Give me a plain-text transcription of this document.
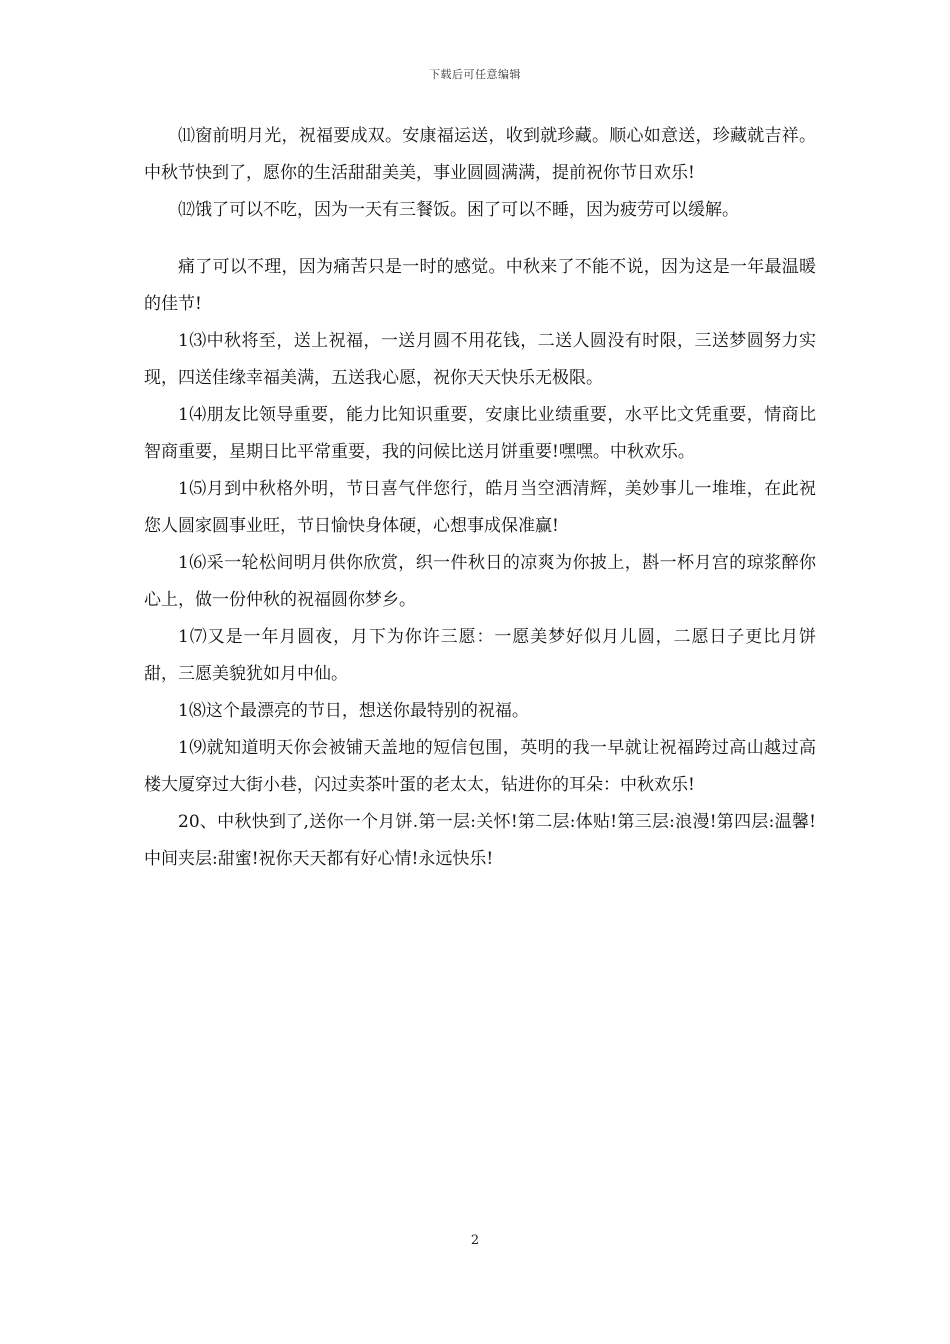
下载后可任意编辑

⑾窗前明月光，祝福要成双。安康福运送，收到就珍藏。顺心如意送，珍藏就吉祥。中秋节快到了，愿你的生活甜甜美美，事业圆圆满满，提前祝你节日欢乐!

⑿饿了可以不吃，因为一天有三餐饭。困了可以不睡，因为疲劳可以缓解。

痛了可以不理，因为痛苦只是一时的感觉。中秋来了不能不说，因为这是一年最温暖的佳节!

1⑶中秋将至，送上祝福，一送月圆不用花钱，二送人圆没有时限，三送梦圆努力实现，四送佳缘幸福美满，五送我心愿，祝你天天快乐无极限。

1⑷朋友比领导重要，能力比知识重要，安康比业绩重要，水平比文凭重要，情商比智商重要，星期日比平常重要，我的问候比送月饼重要!嘿嘿。中秋欢乐。

1⑸月到中秋格外明，节日喜气伴您行，皓月当空洒清辉，美妙事儿一堆堆，在此祝您人圆家圆事业旺，节日愉快身体硬，心想事成保准赢!

1⑹采一轮松间明月供你欣赏，织一件秋日的凉爽为你披上，斟一杯月宫的琼浆醉你心上，做一份仲秋的祝福圆你梦乡。

1⑺又是一年月圆夜，月下为你许三愿：一愿美梦好似月儿圆，二愿日子更比月饼甜，三愿美貌犹如月中仙。

1⑻这个最漂亮的节日，想送你最特别的祝福。

1⑼就知道明天你会被铺天盖地的短信包围，英明的我一早就让祝福跨过高山越过高楼大厦穿过大街小巷，闪过卖茶叶蛋的老太太，钻进你的耳朵：中秋欢乐!

20、中秋快到了,送你一个月饼.第一层:关怀!第二层:体贴!第三层:浪漫!第四层:温馨!中间夹层:甜蜜!祝你天天都有好心情!永远快乐!

2
